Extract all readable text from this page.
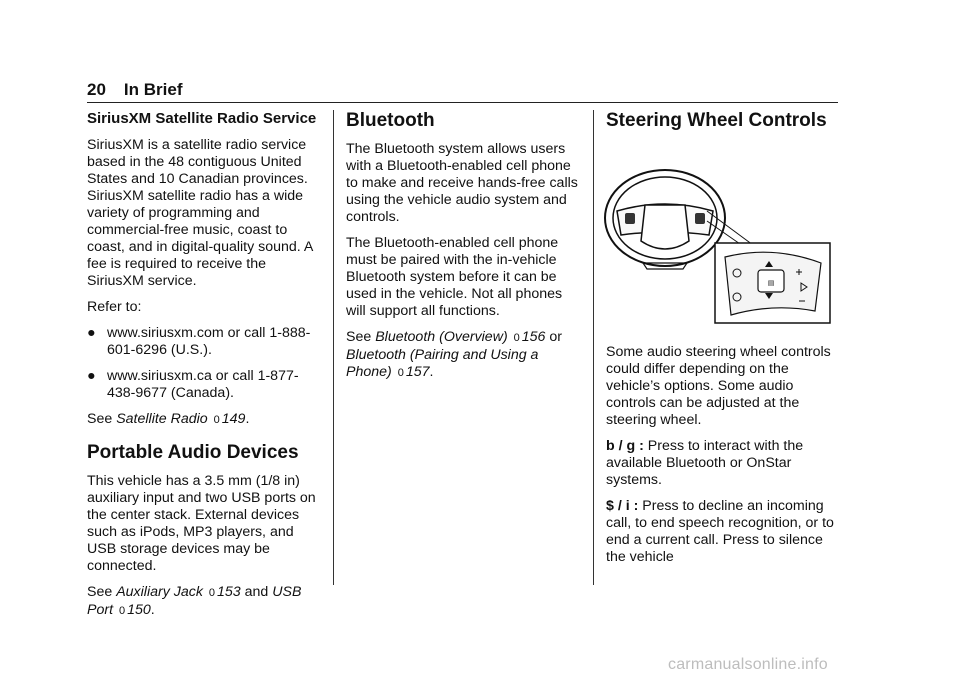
20 In Brief
SiriusXM Satellite Radio Service

SiriusXM is a satellite radio service based in the 48 contiguous United States and 10 Canadian provinces. SiriusXM satellite radio has a wide variety of programming and commercial-free music, coast to coast, and in digital-quality sound. A fee is required to receive the SiriusXM service.

Refer to:

● www.siriusxm.com or call 1-888-601-6296 (U.S.).
● www.siriusxm.ca or call 1-877-438-9677 (Canada).

See Satellite Radio 0 149.

Portable Audio Devices

This vehicle has a 3.5 mm (1/8 in) auxiliary input and two USB ports on the center stack. External devices such as iPods, MP3 players, and USB storage devices may be connected.

See Auxiliary Jack 0 153 and USB Port 0 150.

Bluetooth

The Bluetooth system allows users with a Bluetooth-enabled cell phone to make and receive hands-free calls using the vehicle audio system and controls.

The Bluetooth-enabled cell phone must be paired with the in-vehicle Bluetooth system before it can be used in the vehicle. Not all phones will support all functions.

See Bluetooth (Overview) 0 156 or Bluetooth (Pairing and Using a Phone) 0 157.

Steering Wheel Controls
▤

Some audio steering wheel controls could differ depending on the vehicle’s options. Some audio controls can be adjusted at the steering wheel.

b / g : Press to interact with the available Bluetooth or OnStar systems.

$ / i : Press to decline an incoming call, to end speech recognition, or to end a current call. Press to silence the vehicle

carmanualsonline.info
